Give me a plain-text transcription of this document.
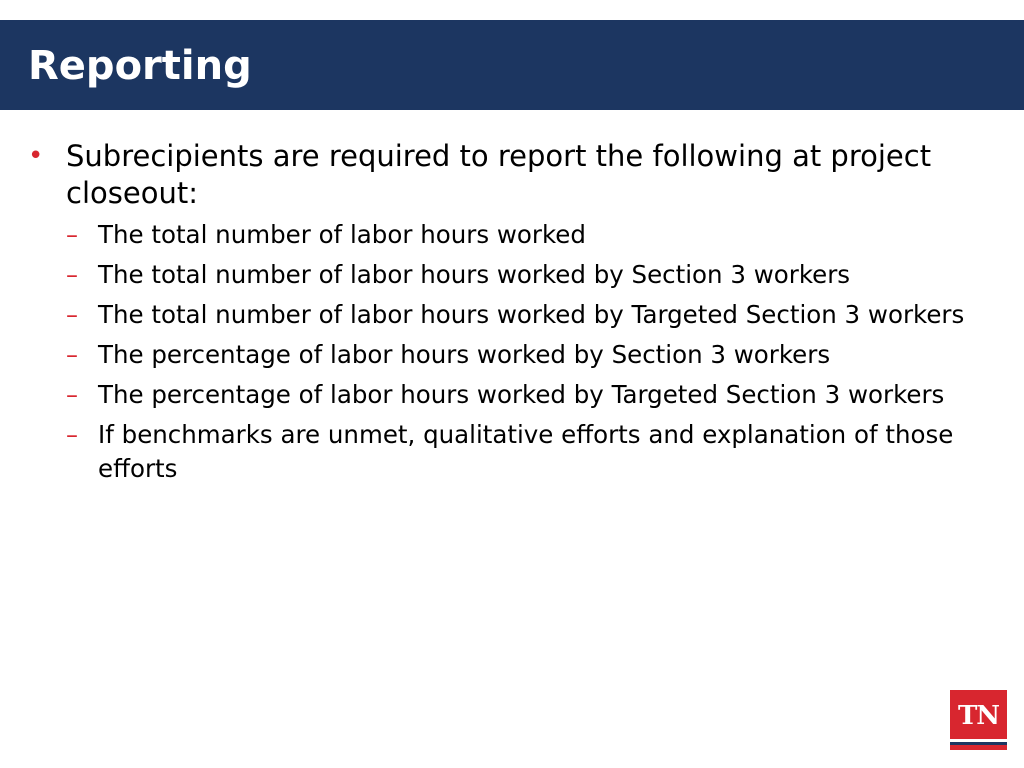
Reporting
• Subrecipients are required to report the following at project closeout:
– The total number of labor hours worked
– The total number of labor hours worked by Section 3 workers
– The total number of labor hours worked by Targeted Section 3 workers
– The percentage of labor hours worked by Section 3 workers
– The percentage of labor hours worked by Targeted Section 3 workers
– If benchmarks are unmet, qualitative efforts and explanation of those efforts
TN
